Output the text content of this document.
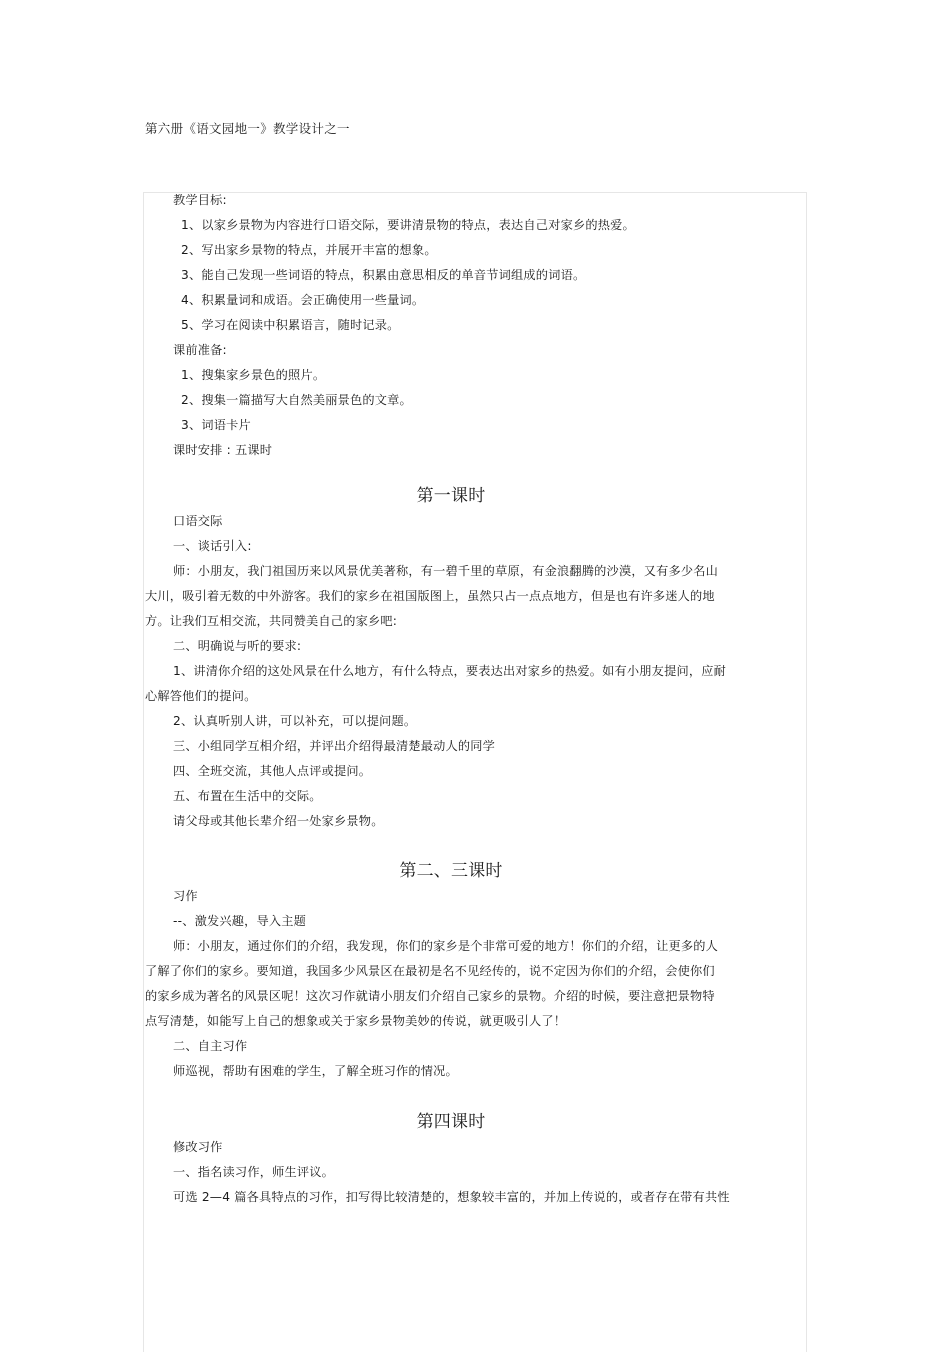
第六册《语文园地一》教学设计之一

教学目标:

1、以家乡景物为内容进行口语交际，要讲清景物的特点，表达自己对家乡的热爱。

2、写出家乡景物的特点，并展开丰富的想象。

3、能自己发现一些词语的特点，积累由意思相反的单音节词组成的词语。

4、积累量词和成语。会正确使用一些量词。

5、学习在阅读中积累语言，随时记录。

课前准备:

1、搜集家乡景色的照片。

2、搜集一篇描写大自然美丽景色的文章。

3、词语卡片

课时安排 : 五课时

第一课时

口语交际

一、谈话引入:

师：小朋友，我门祖国历来以风景优美著称，有一碧千里的草原，有金浪翻腾的沙漠，又有多少名山

大川，吸引着无数的中外游客。我们的家乡在祖国版图上，虽然只占一点点地方，但是也有许多迷人的地

方。让我们互相交流，共同赞美自己的家乡吧:

二、明确说与听的要求:

1、讲清你介绍的这处风景在什么地方，有什么特点，要表达出对家乡的热爱。如有小朋友提问，应耐

心解答他们的提问。

2、认真听别人讲，可以补充，可以提问题。

三、小组同学互相介绍，并评出介绍得最清楚最动人的同学

四、全班交流，其他人点评或提问。

五、布置在生活中的交际。

请父母或其他长辈介绍一处家乡景物。

第二、三课时

习作

--、激发兴趣，导入主题

师：小朋友，通过你们的介绍，我发现，你们的家乡是个非常可爱的地方！你们的介绍，让更多的人

了解了你们的家乡。要知道，我国多少风景区在最初是名不见经传的，说不定因为你们的介绍，会使你们

的家乡成为著名的风景区呢！这次习作就请小朋友们介绍自己家乡的景物。介绍的时候，要注意把景物特

点写清楚，如能写上自己的想象或关于家乡景物美妙的传说，就更吸引人了！

二、自主习作

师巡视，帮助有困难的学生，了解全班习作的情况。

第四课时

修改习作

一、指名读习作，师生评议。

可选 2—4 篇各具特点的习作，扣写得比较清楚的，想象较丰富的，并加上传说的，或者存在带有共性
